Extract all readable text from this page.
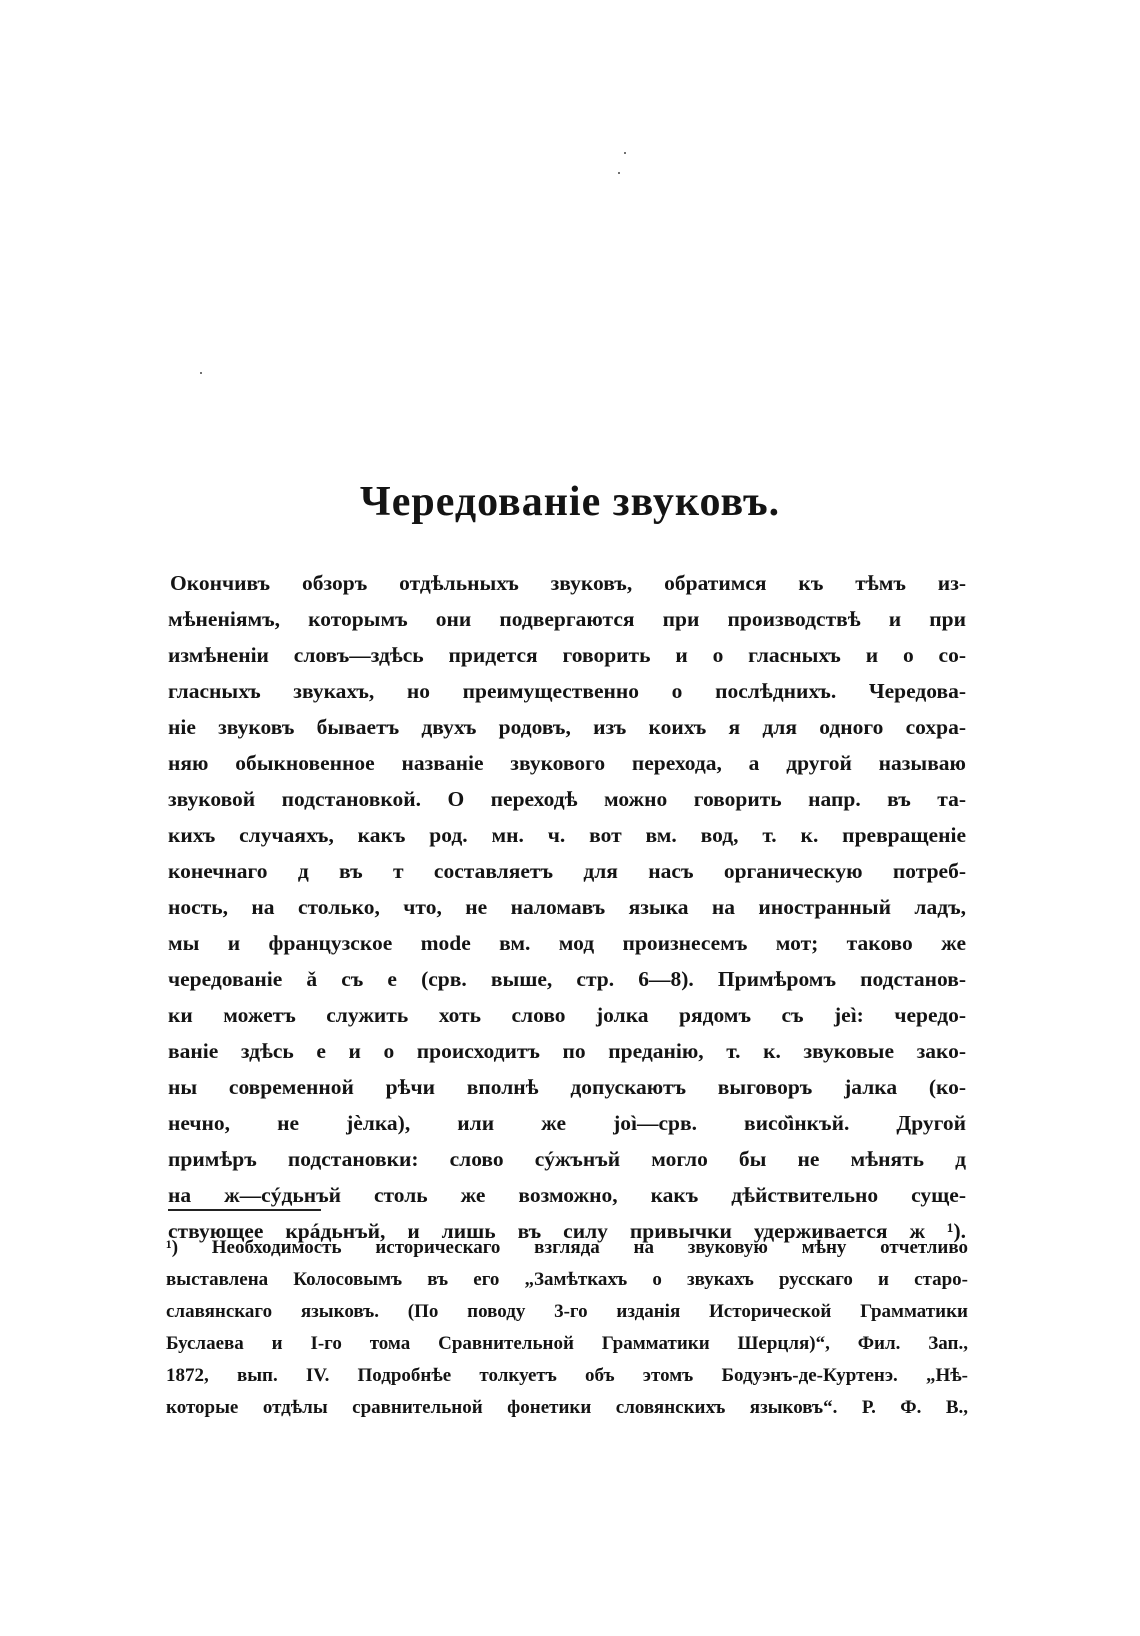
Чередованіе звуковъ.
Окончивъ обзоръ отдѣльныхъ звуковъ, обратимся къ тѣмъ из-
мѣненіямъ, которымъ они подвергаются при производствѣ и при
измѣненіи словъ—здѣсь придется говорить и о гласныхъ и о со-
гласныхъ звукахъ, но преимущественно о послѣднихъ. Чередова-
ніе звуковъ бываетъ двухъ родовъ, изъ коихъ я для одного сохра-
няю обыкновенное названіе звукового перехода, а другой называю
звуковой подстановкой. О переходѣ можно говорить напр. въ та-
кихъ случаяхъ, какъ род. мн. ч. вот вм. вод, т. к. превращеніе
конечнаго д въ т составляетъ для насъ органическую потреб-
ность, на столько, что, не наломавъ языка на иностранный ладъ,
мы и французское mode вм. мод произнесемъ мот; таково же
чередованіе ǎ съ e (срв. выше, стр. 6—8). Примѣромъ подстанов-
ки можетъ служить хоть слово jолка рядомъ съ jeì: чередо-
ваніе здѣсь е и о происходитъ по преданію, т. к. звуковые зако-
ны современной рѣчи вполнѣ допускаютъ выговоръ jалка (ко-
нечно, не jѐлка), или же jоì—срв. висо̆ìнкъй. Другой
примѣръ подстановки: слово сýжънъй могло бы не мѣнять д
на ж—сýдьнъй столь же возможно, какъ дѣйствительно суще-
ствующее крáдьнъй, и лишь въ силу привычки удерживается ж ¹).
¹) Необходимость историческаго взгляда на звуковую мѣну отчетливо
выставлена Колосовымъ въ его „Замѣткахъ о звукахъ русскаго и старо-
славянскаго языковъ. (По поводу 3-го изданія Исторической Грамматики
Буслаева и I-го тома Сравнительной Грамматики Шерцля)“, Фил. Зап.,
1872, вып. IV. Подробнѣе толкуетъ объ этомъ Бодуэнъ-де-Куртенэ. „Нѣ-
которые отдѣлы сравнительной фонетики словянскихъ языковъ“. Р. Ф. В.,
